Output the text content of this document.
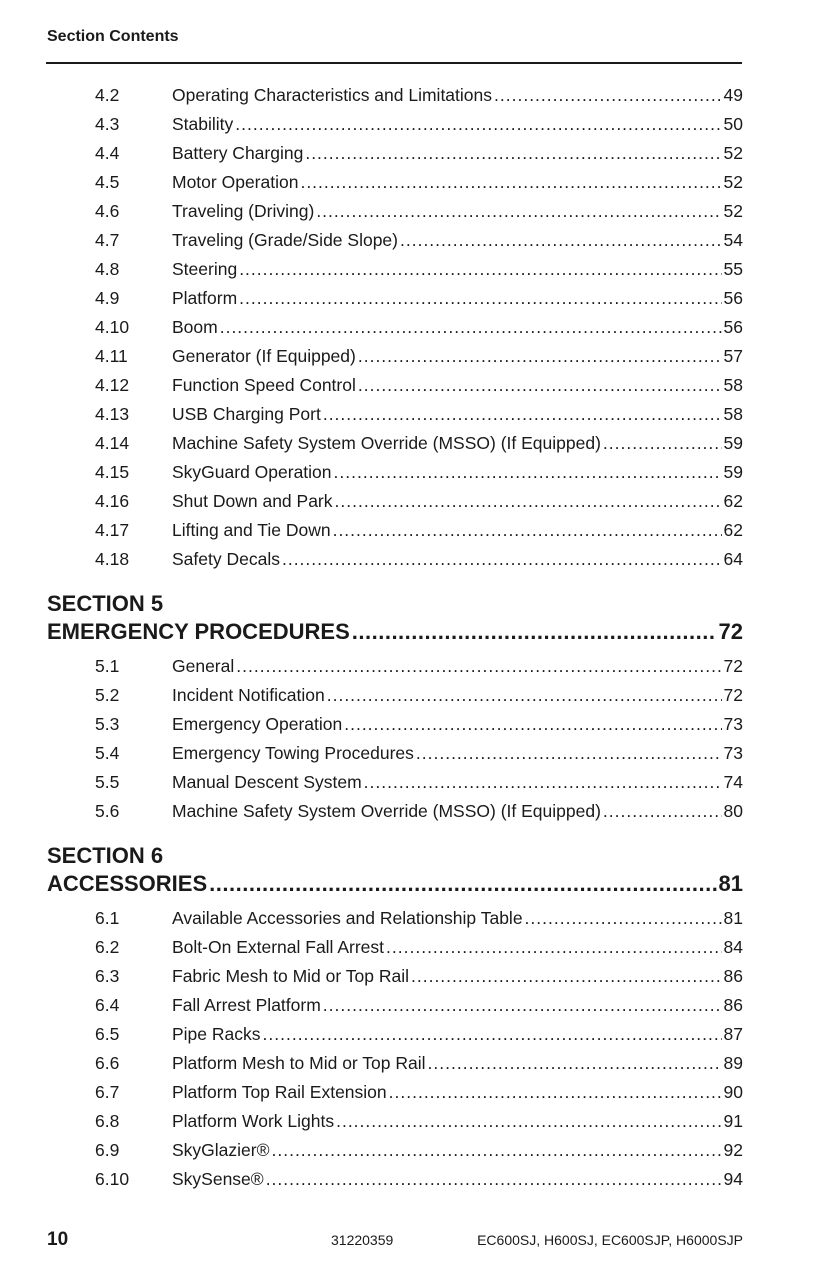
Section Contents
4.2	Operating Characteristics and Limitations .....	49
4.3	Stability .....	50
4.4	Battery Charging .....	52
4.5	Motor Operation .....	52
4.6	Traveling (Driving) .....	52
4.7	Traveling (Grade/Side Slope) .....	54
4.8	Steering .....	55
4.9	Platform .....	56
4.10	Boom .....	56
4.11	Generator (If Equipped) .....	57
4.12	Function Speed Control .....	58
4.13	USB Charging Port .....	58
4.14	Machine Safety System Override (MSSO) (If Equipped) .....	59
4.15	SkyGuard Operation .....	59
4.16	Shut Down and Park .....	62
4.17	Lifting and Tie Down .....	62
4.18	Safety Decals .....	64
SECTION 5
EMERGENCY PROCEDURES .....	72
5.1	General .....	72
5.2	Incident Notification .....	72
5.3	Emergency Operation .....	73
5.4	Emergency Towing Procedures .....	73
5.5	Manual Descent System .....	74
5.6	Machine Safety System Override (MSSO) (If Equipped) .....	80
SECTION 6
ACCESSORIES .....	81
6.1	Available Accessories and Relationship Table .....	81
6.2	Bolt-On External Fall Arrest .....	84
6.3	Fabric Mesh to Mid or Top Rail .....	86
6.4	Fall Arrest Platform .....	86
6.5	Pipe Racks .....	87
6.6	Platform Mesh to Mid or Top Rail .....	89
6.7	Platform Top Rail Extension .....	90
6.8	Platform Work Lights .....	91
6.9	SkyGlazier® .....	92
6.10	SkySense® .....	94
10	31220359	EC600SJ, H600SJ, EC600SJP, H6000SJP
